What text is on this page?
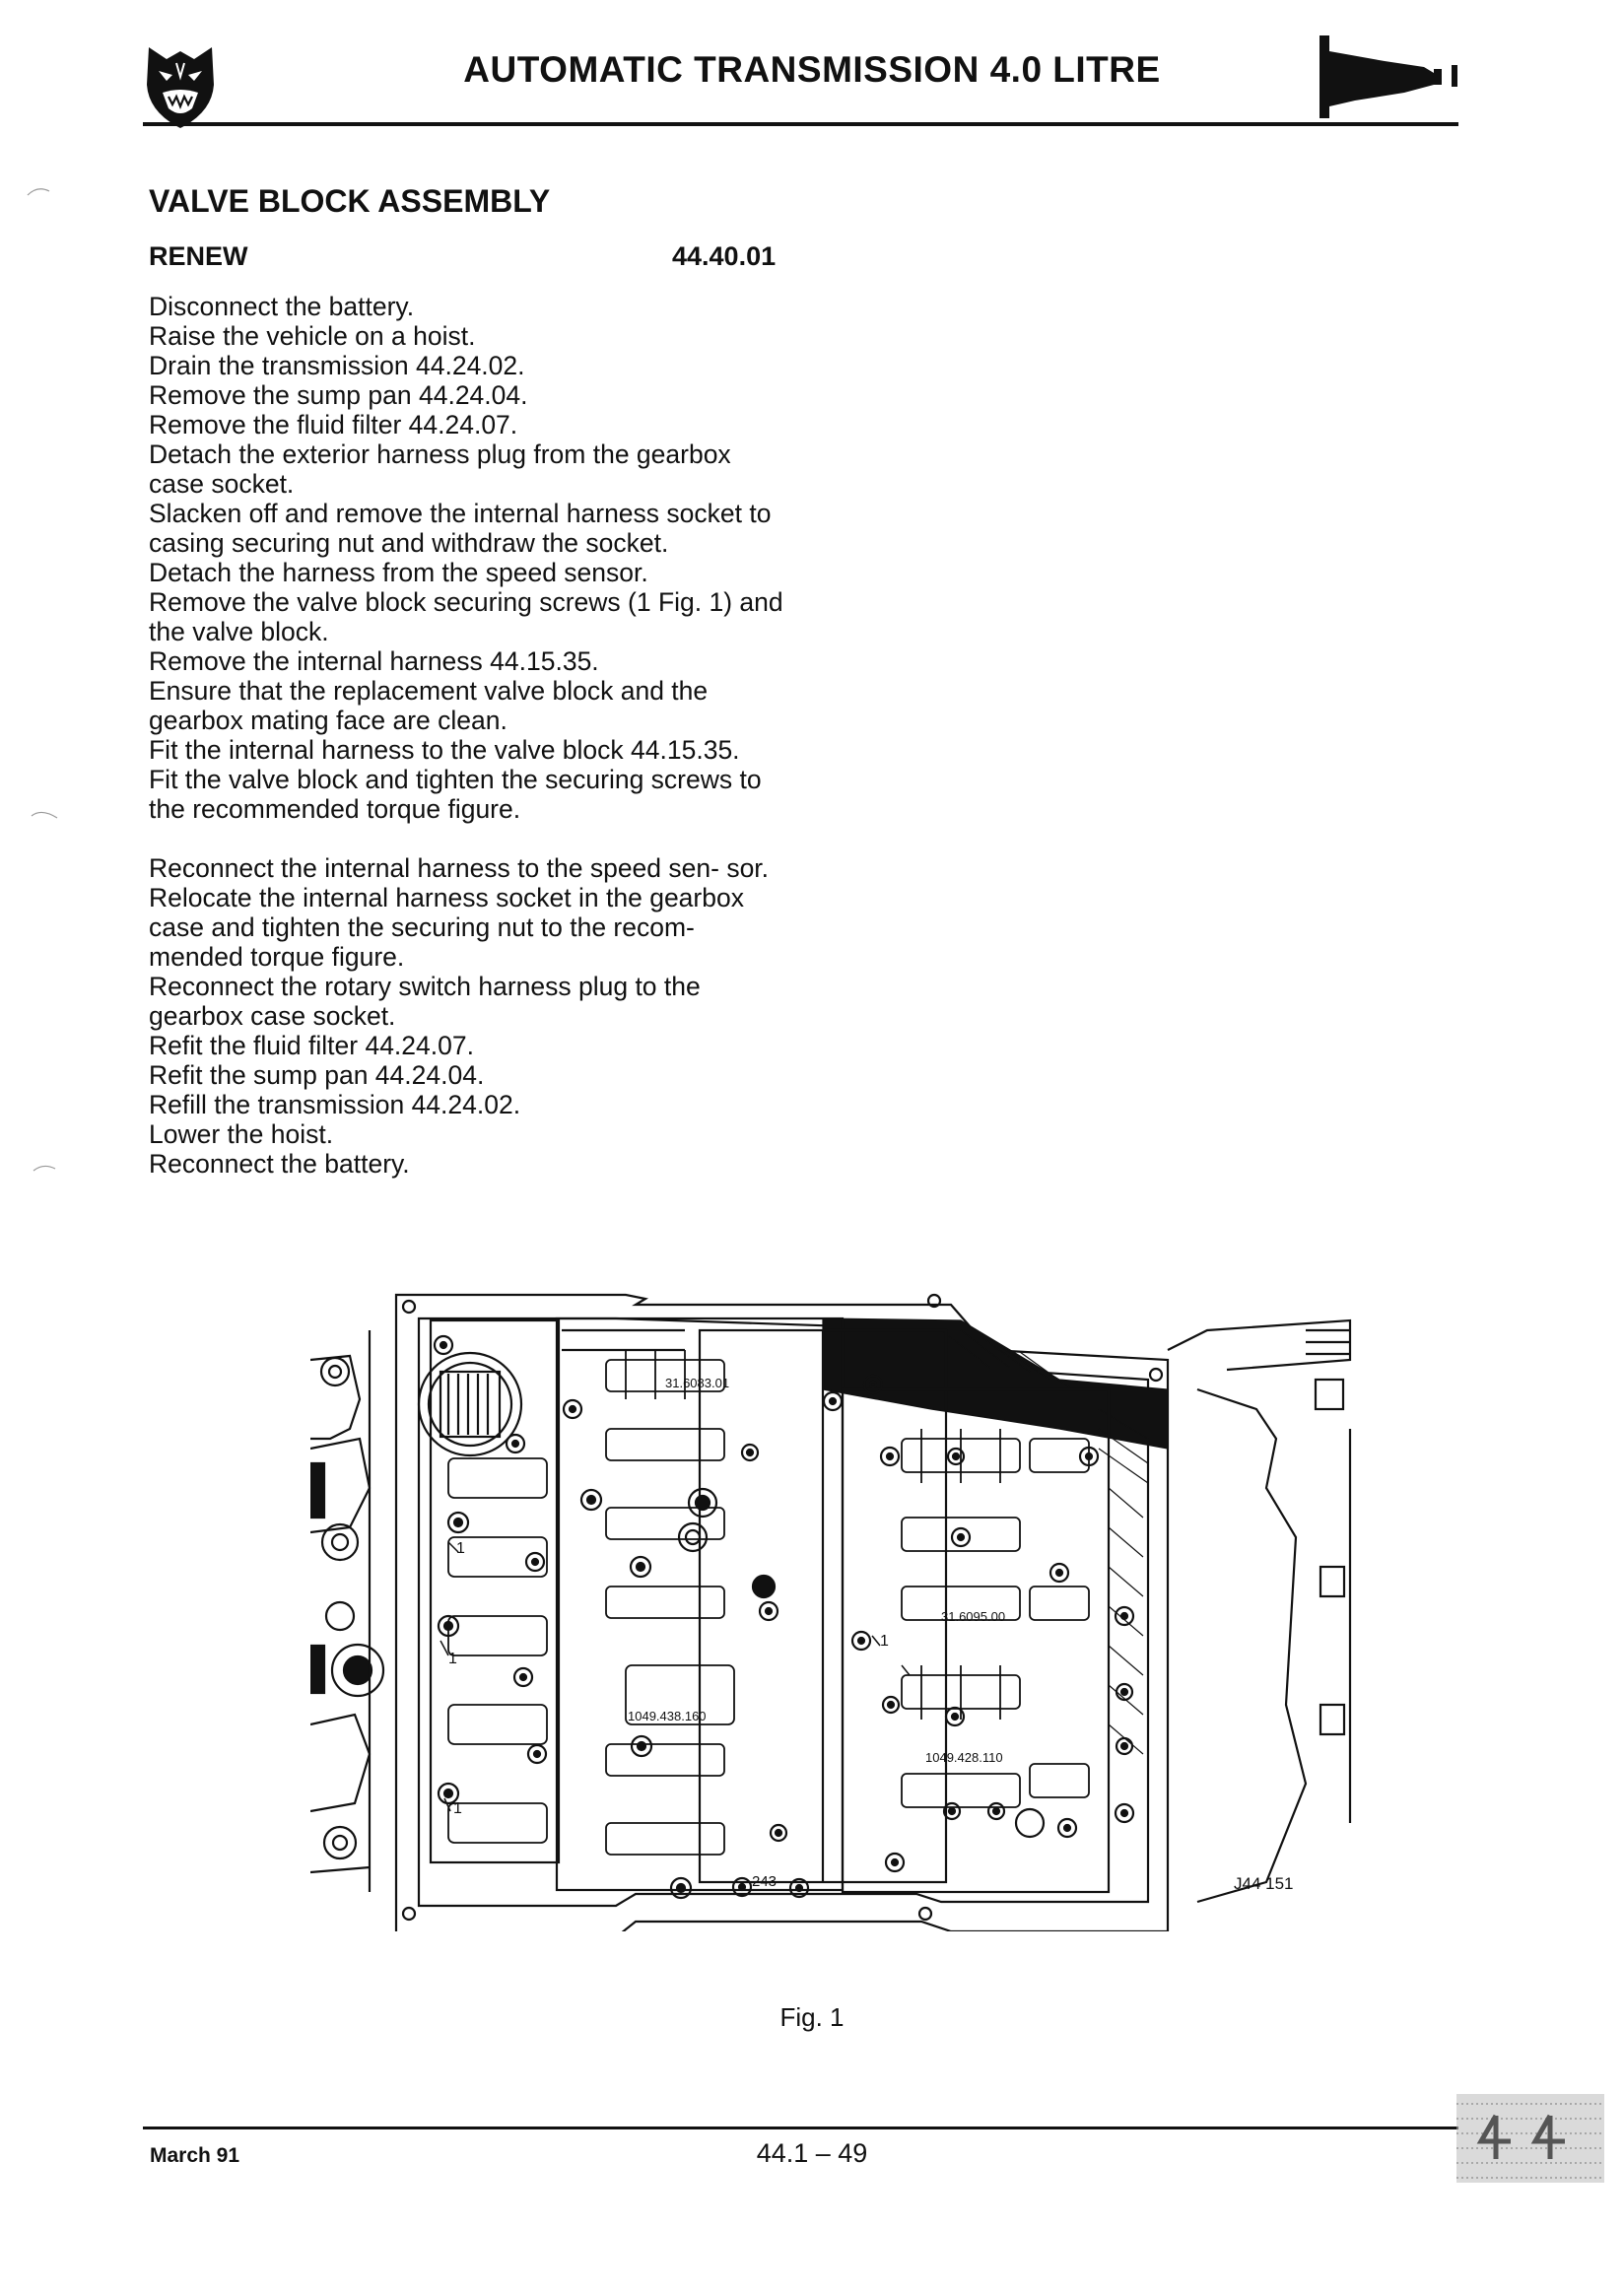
AUTOMATIC TRANSMISSION 4.0 LITRE
VALVE BLOCK ASSEMBLY
RENEW	44.40.01

Disconnect the battery.
Raise the vehicle on a hoist.
Drain the transmission 44.24.02.
Remove the sump pan 44.24.04.
Remove the fluid filter 44.24.07.
Detach the exterior harness plug from the gearbox case socket.
Slacken off and remove the internal harness socket to casing securing nut and withdraw the socket.
Detach the harness from the speed sensor.
Remove the valve block securing screws (1 Fig. 1) and the valve block.
Remove the internal harness 44.15.35.
Ensure that the replacement valve block and the gearbox mating face are clean.
Fit the internal harness to the valve block 44.15.35.
Fit the valve block and tighten the securing screws to the recommended torque figure.

Reconnect the internal harness to the speed sen- sor.
Relocate the internal harness socket in the gearbox case and tighten the securing nut to the recom- mended torque figure.
Reconnect the rotary switch harness plug to the gearbox case socket.
Refit the fluid filter 44.24.07.
Refit the sump pan 44.24.04.
Refill the transmission 44.24.02.
Lower the hoist.
Reconnect the battery.

1
1
1
1
243
31.6083.01
31.6095.00
1049.438.160
1049.428.110
J44 151
Fig. 1
March 91	44.1 – 49
